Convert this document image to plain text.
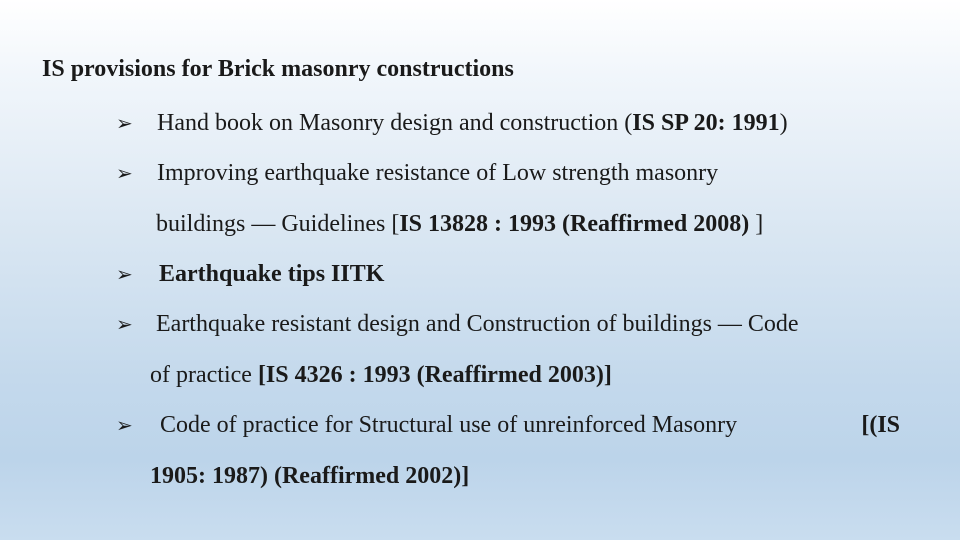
IS provisions for Brick masonry constructions
➢ Hand book on Masonry design and construction (IS SP 20: 1991)
➢ Improving earthquake resistance of Low strength masonry
buildings — Guidelines [IS 13828 : 1993 (Reaffirmed 2008) ]
➢ Earthquake tips IITK
➢ Earthquake resistant design and Construction of buildings — Code
of practice [IS 4326 : 1993 (Reaffirmed 2003)]
➢ Code of practice for Structural use of unreinforced Masonry	[(IS
1905: 1987) (Reaffirmed 2002)]
